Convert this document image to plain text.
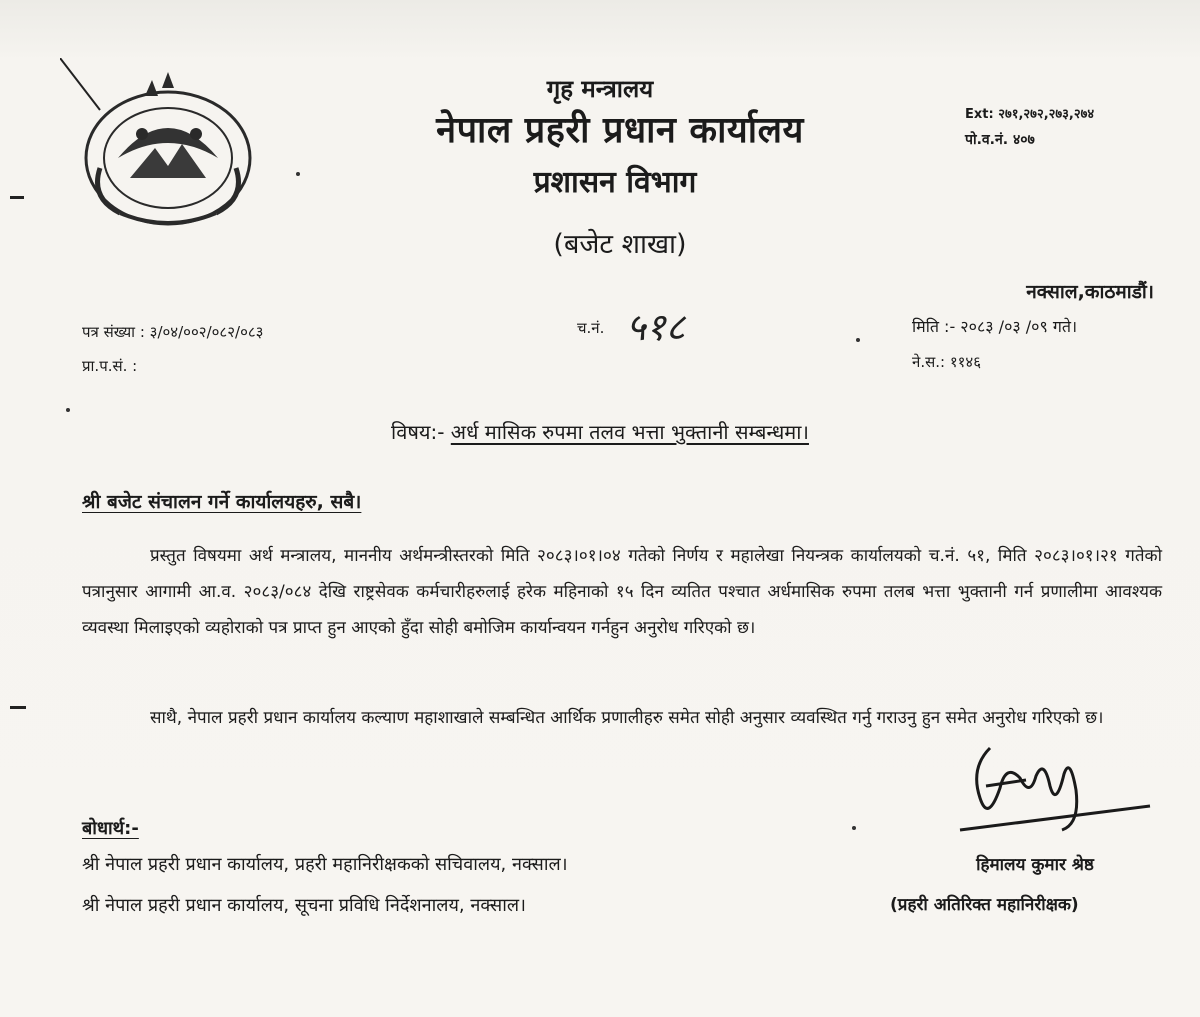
गृह मन्त्रालय
नेपाल प्रहरी प्रधान कार्यालय
प्रशासन विभाग
(बजेट शाखा)
Ext: २७१,२७२,२७३,२७४
पो.व.नं. ४०७
नक्साल,काठमाडौं।
पत्र संख्या : ३/०४/००२/०८२/०८३
प्रा.प.सं. :
च.नं. ५१८	मिति :- २०८३ /०३ /०९ गते।
ने.स.: ११४६
विषय:- अर्ध मासिक रुपमा तलव भत्ता भुक्तानी सम्बन्धमा।
श्री बजेट संचालन गर्ने कार्यालयहरु, सबै।
प्रस्तुत विषयमा अर्थ मन्त्रालय, माननीय अर्थमन्त्रीस्तरको मिति २०८३।०१।०४ गतेको निर्णय र महालेखा नियन्त्रक कार्यालयको च.नं. ५१, मिति २०८३।०१।२१ गतेको पत्रानुसार आगामी आ.व. २०८३/०८४ देखि राष्ट्रसेवक कर्मचारीहरुलाई हरेक महिनाको १५ दिन व्यतित पश्चात अर्धमासिक रुपमा तलब भत्ता भुक्तानी गर्न प्रणालीमा आवश्यक व्यवस्था मिलाइएको व्यहोराको पत्र प्राप्त हुन आएको हुँदा सोही बमोजिम कार्यान्वयन गर्नहुन अनुरोध गरिएको छ।
साथै, नेपाल प्रहरी प्रधान कार्यालय कल्याण महाशाखाले सम्बन्धित आर्थिक प्रणालीहरु समेत सोही अनुसार व्यवस्थित गर्नु गराउनु हुन समेत अनुरोध गरिएको छ।
हिमालय कुमार श्रेष्ठ
(प्रहरी अतिरिक्त महानिरीक्षक)
बोधार्थ:-
श्री नेपाल प्रहरी प्रधान कार्यालय, प्रहरी महानिरीक्षकको सचिवालय, नक्साल।
श्री नेपाल प्रहरी प्रधान कार्यालय, सूचना प्रविधि निर्देशनालय, नक्साल।
